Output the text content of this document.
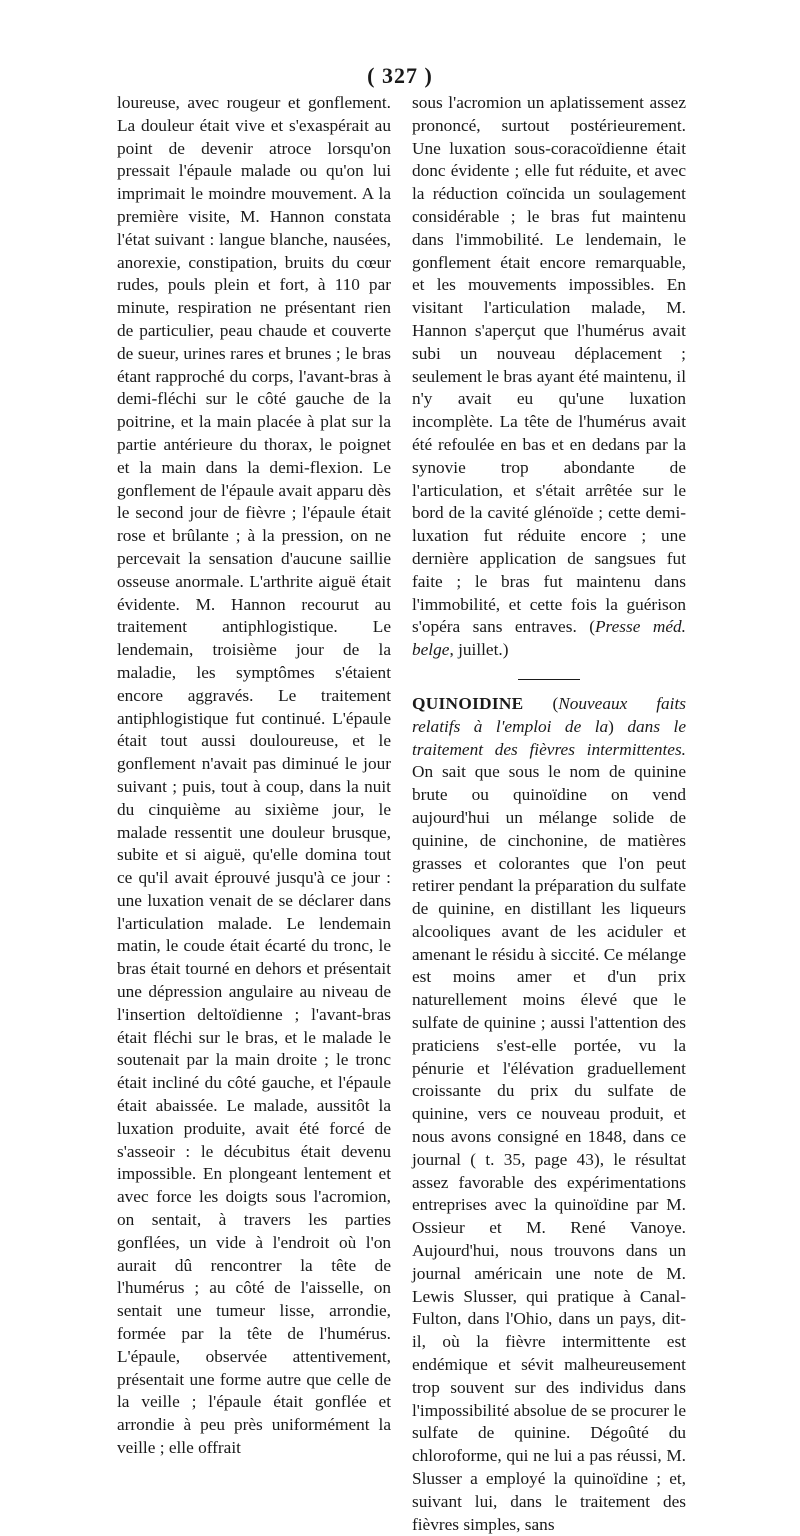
( 327 )

loureuse, avec rougeur et gonflement. La douleur était vive et s'exaspérait au point de devenir atroce lorsqu'on pressait l'épaule malade ou qu'on lui imprimait le moindre mouvement. A la première visite, M. Hannon constata l'état suivant : langue blanche, nausées, anorexie, constipation, bruits du cœur rudes, pouls plein et fort, à 110 par minute, respiration ne présentant rien de particulier, peau chaude et couverte de sueur, urines rares et brunes ; le bras étant rapproché du corps, l'avant-bras à demi-fléchi sur le côté gauche de la poitrine, et la main placée à plat sur la partie antérieure du thorax, le poignet et la main dans la demi-flexion. Le gonflement de l'épaule avait apparu dès le second jour de fièvre ; l'épaule était rose et brûlante ; à la pression, on ne percevait la sensation d'aucune saillie osseuse anormale. L'arthrite aiguë était évidente. M. Hannon recourut au traitement antiphlogistique. Le lendemain, troisième jour de la maladie, les symptômes s'étaient encore aggravés. Le traitement antiphlogistique fut continué. L'épaule était tout aussi douloureuse, et le gonflement n'avait pas diminué le jour suivant ; puis, tout à coup, dans la nuit du cinquième au sixième jour, le malade ressentit une douleur brusque, subite et si aiguë, qu'elle domina tout ce qu'il avait éprouvé jusqu'à ce jour : une luxation venait de se déclarer dans l'articulation malade. Le lendemain matin, le coude était écarté du tronc, le bras était tourné en dehors et présentait une dépression angulaire au niveau de l'insertion deltoïdienne ; l'avant-bras était fléchi sur le bras, et le malade le soutenait par la main droite ; le tronc était incliné du côté gauche, et l'épaule était abaissée. Le malade, aussitôt la luxation produite, avait été forcé de s'asseoir : le décubitus était devenu impossible. En plongeant lentement et avec force les doigts sous l'acromion, on sentait, à travers les parties gonflées, un vide à l'endroit où l'on aurait dû rencontrer la tête de l'humérus ; au côté de l'aisselle, on sentait une tumeur lisse, arrondie, formée par la tête de l'humérus. L'épaule, observée attentivement, présentait une forme autre que celle de la veille ; l'épaule était gonflée et arrondie à peu près uniformément la veille ; elle offrait

sous l'acromion un aplatissement assez prononcé, surtout postérieurement. Une luxation sous-coracoïdienne était donc évidente ; elle fut réduite, et avec la réduction coïncida un soulagement considérable ; le bras fut maintenu dans l'immobilité. Le lendemain, le gonflement était encore remarquable, et les mouvements impossibles. En visitant l'articulation malade, M. Hannon s'aperçut que l'humérus avait subi un nouveau déplacement ; seulement le bras ayant été maintenu, il n'y avait eu qu'une luxation incomplète. La tête de l'humérus avait été refoulée en bas et en dedans par la synovie trop abondante de l'articulation, et s'était arrêtée sur le bord de la cavité glénoïde ; cette demi-luxation fut réduite encore ; une dernière application de sangsues fut faite ; le bras fut maintenu dans l'immobilité, et cette fois la guérison s'opéra sans entraves. (Presse méd. belge, juillet.)

QUINOIDINE (Nouveaux faits relatifs à l'emploi de la) dans le traitement des fièvres intermittentes. On sait que sous le nom de quinine brute ou quinoïdine on vend aujourd'hui un mélange solide de quinine, de cinchonine, de matières grasses et colorantes que l'on peut retirer pendant la préparation du sulfate de quinine, en distillant les liqueurs alcooliques avant de les aciduler et amenant le résidu à siccité. Ce mélange est moins amer et d'un prix naturellement moins élevé que le sulfate de quinine ; aussi l'attention des praticiens s'est-elle portée, vu la pénurie et l'élévation graduellement croissante du prix du sulfate de quinine, vers ce nouveau produit, et nous avons consigné en 1848, dans ce journal ( t. 35, page 43), le résultat assez favorable des expérimentations entreprises avec la quinoïdine par M. Ossieur et M. René Vanoye. Aujourd'hui, nous trouvons dans un journal américain une note de M. Lewis Slusser, qui pratique à Canal-Fulton, dans l'Ohio, dans un pays, dit-il, où la fièvre intermittente est endémique et sévit malheureusement trop souvent sur des individus dans l'impossibilité absolue de se procurer le sulfate de quinine. Dégoûté du chloroforme, qui ne lui a pas réussi, M. Slusser a employé la quinoïdine ; et, suivant lui, dans le traitement des fièvres simples, sans
